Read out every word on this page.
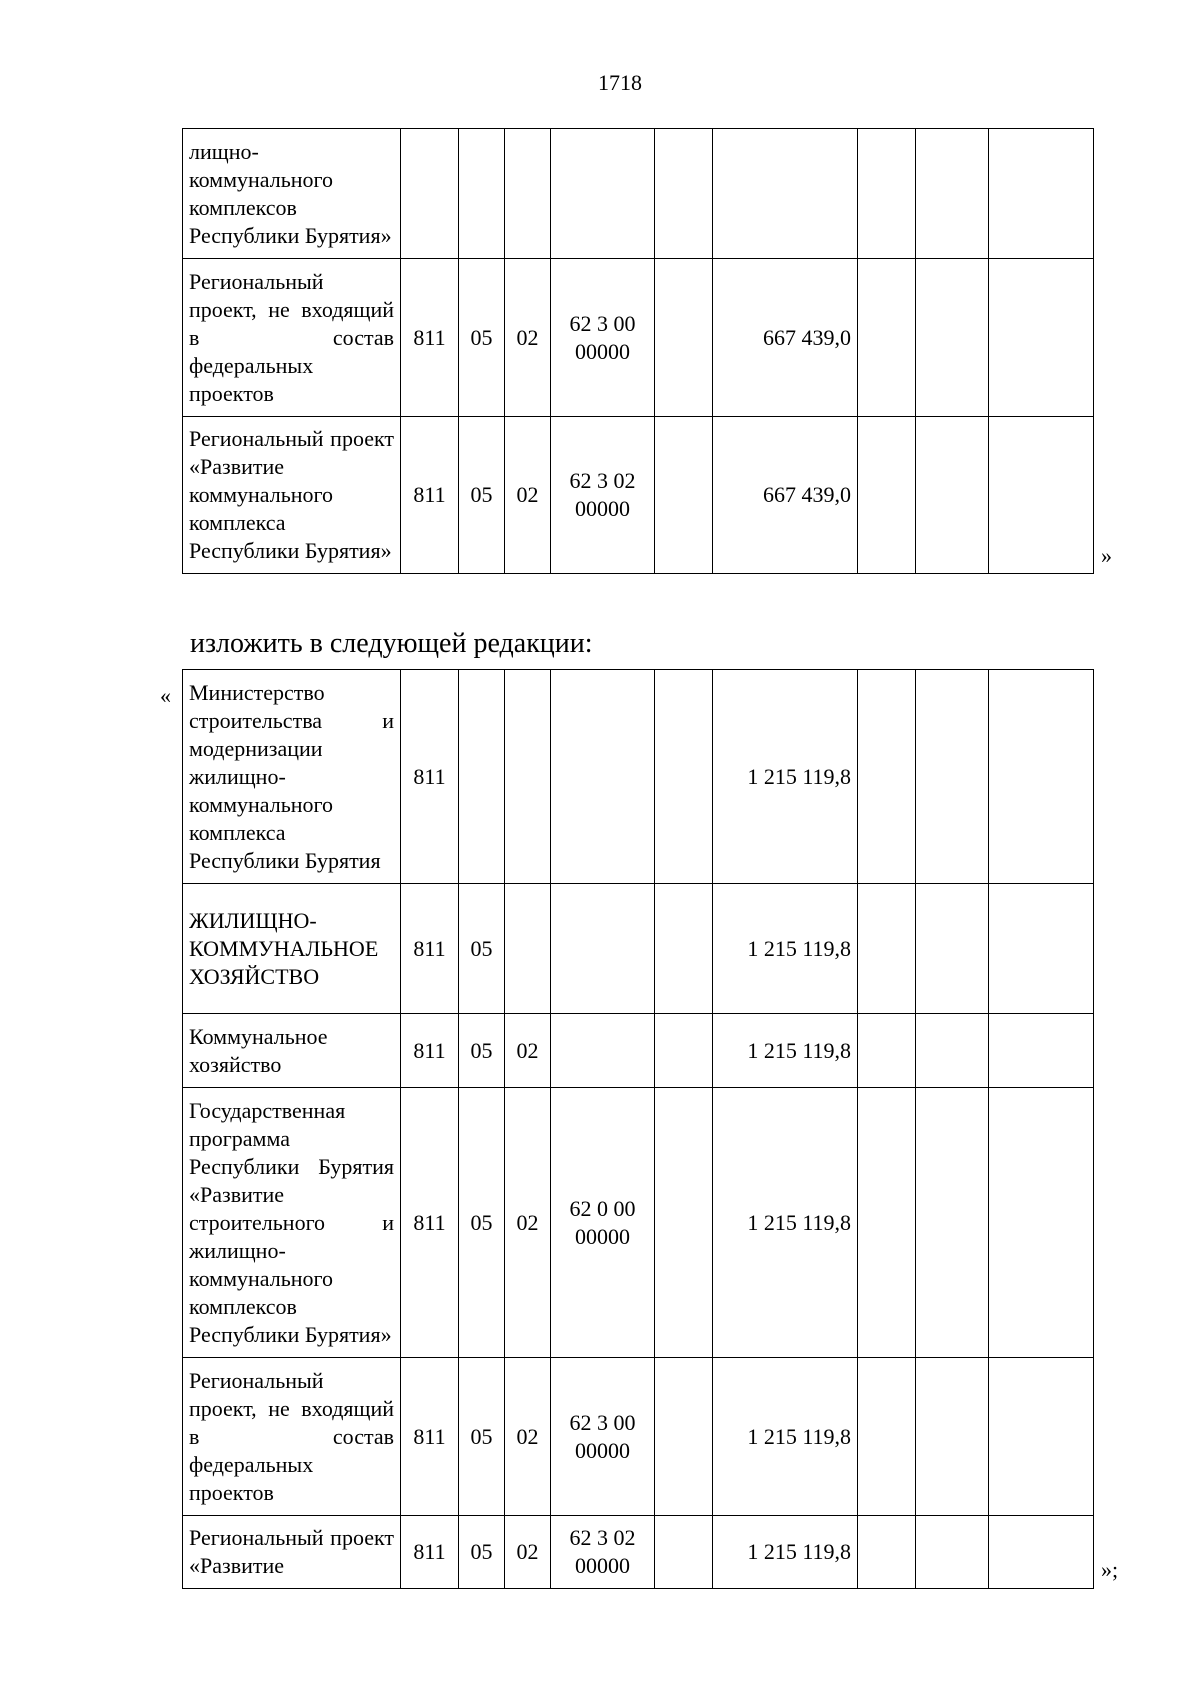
1718
лищно-коммунального комплексов Республики Бурятия»									
Региональный проект, не входящий в состав федеральных проектов	811	05	02	62 3 00 00000		667 439,0			
Региональный проект «Развитие коммунального комплекса Республики Бурятия»	811	05	02	62 3 02 00000		667 439,0			
»
изложить в следующей редакции:
« Министерство строительства и модернизации жилищно-коммунального комплекса Республики Бурятия	811					1 215 119,8			
ЖИЛИЩНО-КОММУНАЛЬНОЕ ХОЗЯЙСТВО	811	05				1 215 119,8			
Коммунальное хозяйство	811	05	02			1 215 119,8			
Государственная программа Республики Бурятия «Развитие строительного и жилищно-коммунального комплексов Республики Бурятия»	811	05	02	62 0 00 00000		1 215 119,8			
Региональный проект, не входящий в состав федеральных проектов	811	05	02	62 3 00 00000		1 215 119,8			
Региональный проект «Развитие	811	05	02	62 3 02 00000		1 215 119,8			
»;
